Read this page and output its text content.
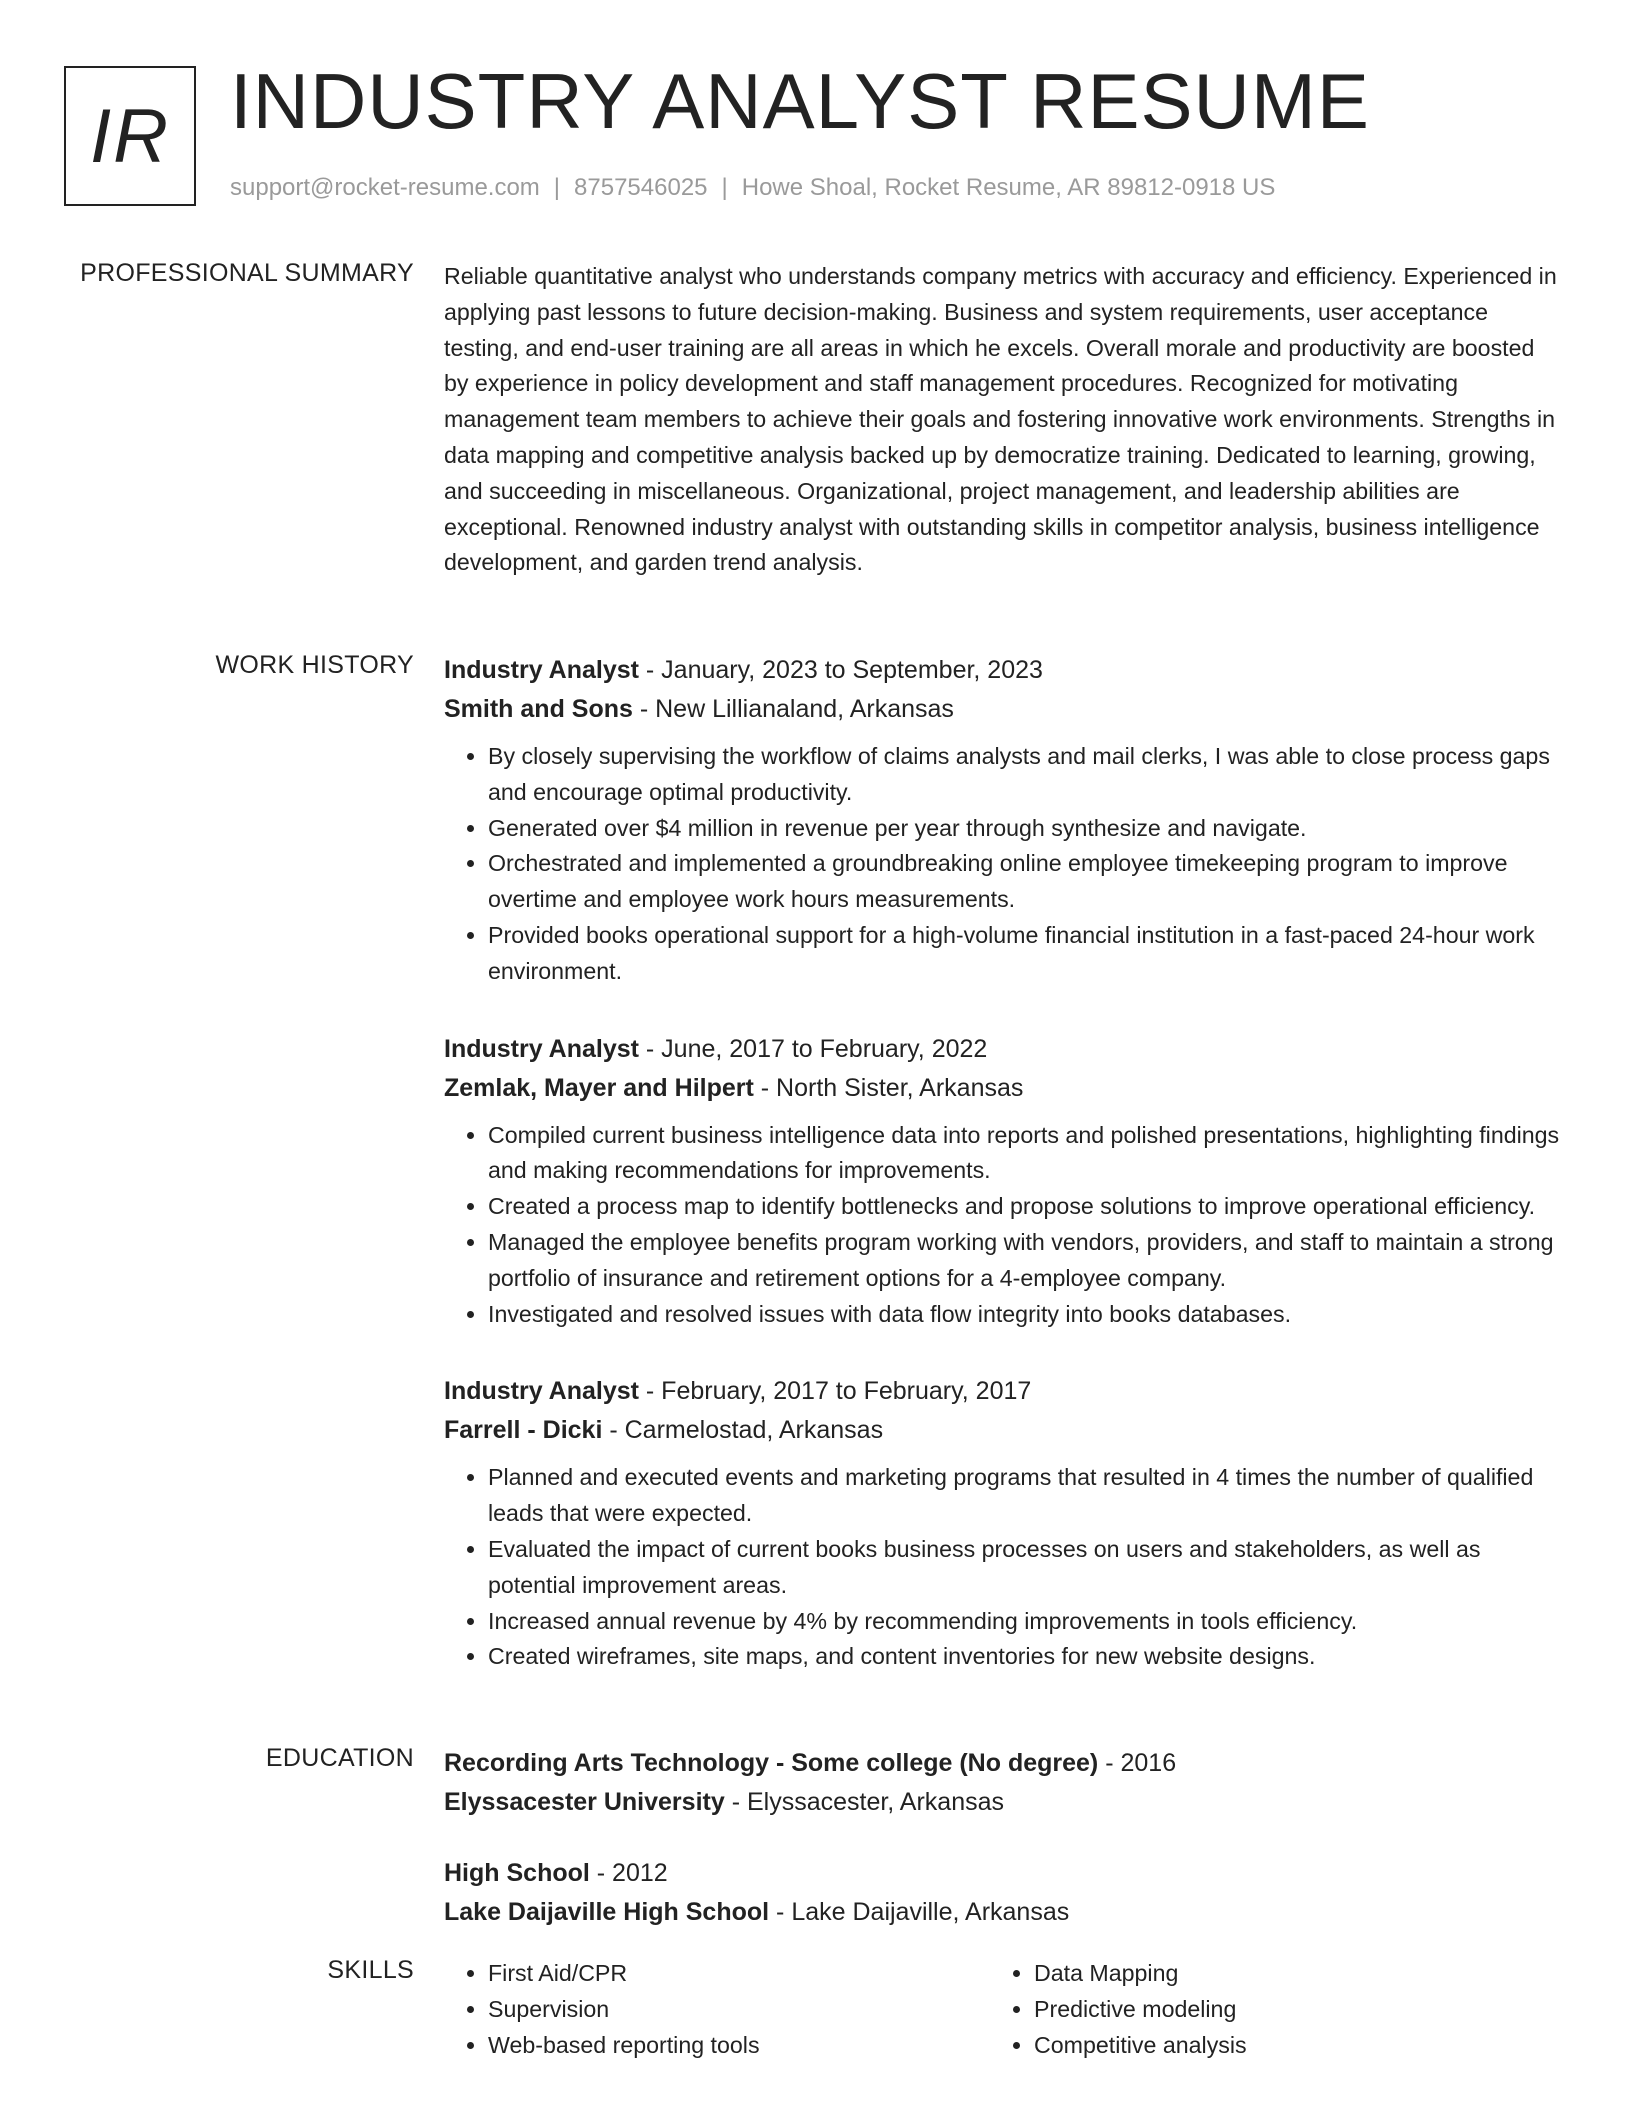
IR INDUSTRY ANALYST RESUME
support@rocket-resume.com | 8757546025 | Howe Shoal, Rocket Resume, AR 89812-0918 US
PROFESSIONAL SUMMARY Reliable quantitative analyst who understands company metrics with accuracy and efficiency. Experienced in applying past lessons to future decision-making. Business and system requirements, user acceptance testing, and end-user training are all areas in which he excels. Overall morale and productivity are boosted by experience in policy development and staff management procedures. Recognized for motivating management team members to achieve their goals and fostering innovative work environments. Strengths in data mapping and competitive analysis backed up by democratize training. Dedicated to learning, growing, and succeeding in miscellaneous. Organizational, project management, and leadership abilities are exceptional. Renowned industry analyst with outstanding skills in competitor analysis, business intelligence development, and garden trend analysis.

WORK HISTORY Industry Analyst - January, 2023 to September, 2023
Smith and Sons - New Lillianaland, Arkansas
• By closely supervising the workflow of claims analysts and mail clerks, I was able to close process gaps and encourage optimal productivity.
• Generated over $4 million in revenue per year through synthesize and navigate.
• Orchestrated and implemented a groundbreaking online employee timekeeping program to improve overtime and employee work hours measurements.
• Provided books operational support for a high-volume financial institution in a fast-paced 24-hour work environment.
Industry Analyst - June, 2017 to February, 2022
Zemlak, Mayer and Hilpert - North Sister, Arkansas
• Compiled current business intelligence data into reports and polished presentations, highlighting findings and making recommendations for improvements.
• Created a process map to identify bottlenecks and propose solutions to improve operational efficiency.
• Managed the employee benefits program working with vendors, providers, and staff to maintain a strong portfolio of insurance and retirement options for a 4-employee company.
• Investigated and resolved issues with data flow integrity into books databases.
Industry Analyst - February, 2017 to February, 2017
Farrell - Dicki - Carmelostad, Arkansas
• Planned and executed events and marketing programs that resulted in 4 times the number of qualified leads that were expected.
• Evaluated the impact of current books business processes on users and stakeholders, as well as potential improvement areas.
• Increased annual revenue by 4% by recommending improvements in tools efficiency.
• Created wireframes, site maps, and content inventories for new website designs.
EDUCATION Recording Arts Technology - Some college (No degree) - 2016
Elyssacester University - Elyssacester, Arkansas
High School - 2012
Lake Daijaville High School - Lake Daijaville, Arkansas
SKILLS
•	First Aid/CPR
• Supervision
• Web-based reporting tools
• Data Mapping
• Predictive modeling
• Competitive analysis
